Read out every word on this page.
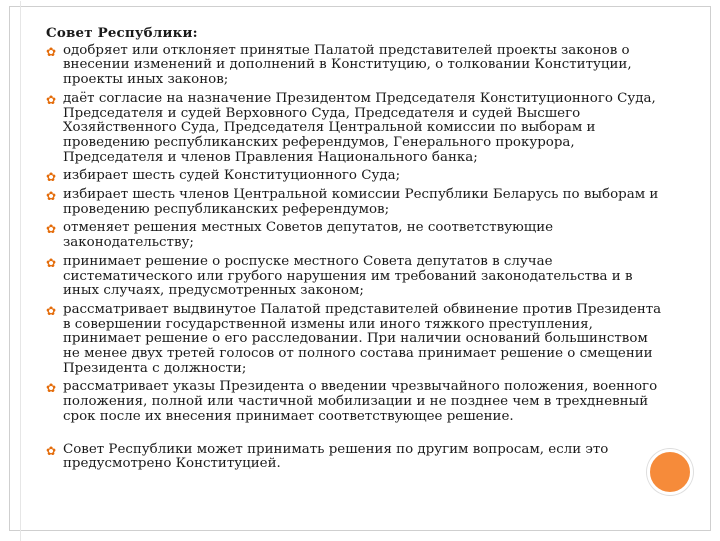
Совет Республики:

✿ одобряет или отклоняет принятые Палатой представителей проекты законов о внесении изменений и дополнений в Конституцию, о толковании Конституции, проекты иных законов;
✿ даёт согласие на назначение Президентом Председателя Конституционного Суда, Председателя и судей Верховного Суда, Председателя и судей Высшего Хозяйственного Суда, Председателя Центральной комиссии по выборам и проведению республиканских референдумов, Генерального прокурора, Председателя и членов Правления Национального банка;
✿ избирает шесть судей Конституционного Суда;
✿ избирает шесть членов Центральной комиссии Республики Беларусь по выборам и проведению республиканских референдумов;
✿ отменяет решения местных Советов депутатов, не соответствующие законодательству;
✿ принимает решение о роспуске местного Совета депутатов в случае систематического или грубого нарушения им требований законодательства и в иных случаях, предусмотренных законом;
✿ рассматривает выдвинутое Палатой представителей обвинение против Президента в совершении государственной измены или иного тяжкого преступления, принимает решение о его расследовании. При наличии оснований большинством не менее двух третей голосов от полного состава принимает решение о смещении Президента с должности;
✿ рассматривает указы Президента о введении чрезвычайного положения, военного положения, полной или частичной мобилизации и не позднее чем в трехдневный срок после их внесения принимает соответствующее решение.
✿ Совет Республики может принимать решения по другим вопросам, если это предусмотрено Конституцией.
